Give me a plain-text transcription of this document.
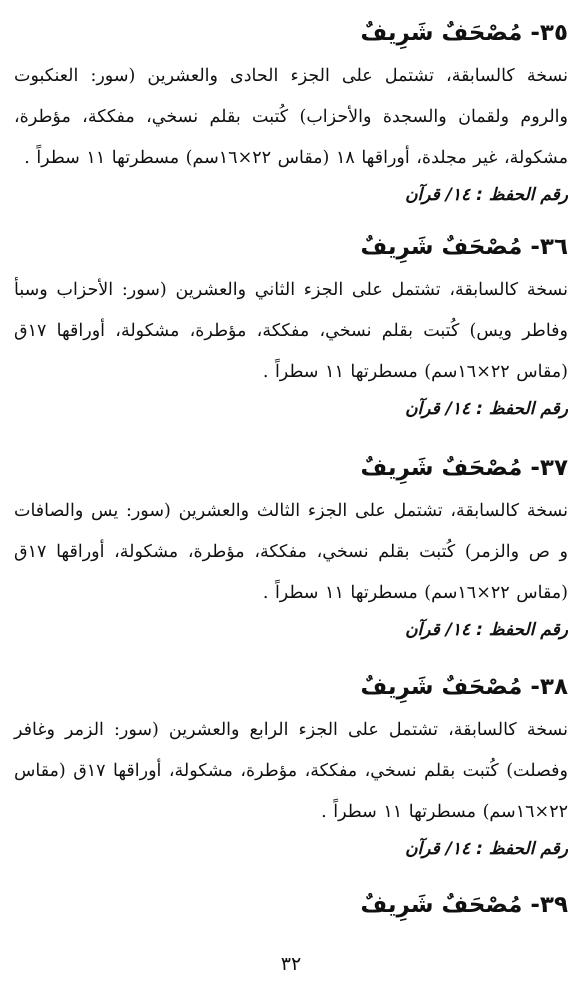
٣٥- مُصْحَفٌ شَرِيفٌ
نسخة كالسابقة، تشتمل على الجزء الحادى والعشرين (سور: العنكبوت والروم ولقمان والسجدة والأحزاب) كُتبت بقلم نسخي، مفككة، مؤطرة، مشكولة، غير مجلدة، أوراقها ١٨ (مقاس ٢٢×١٦سم) مسطرتها ١١ سطراً .
رقم الحفظ : ١٤/ قرآن
٣٦- مُصْحَفٌ شَرِيفٌ
نسخة كالسابقة، تشتمل على الجزء الثاني والعشرين (سور: الأحزاب وسبأ وفاطر ويس) كُتبت بقلم نسخي، مفككة، مؤطرة، مشكولة، أوراقها ١٧ق (مقاس ٢٢×١٦سم) مسطرتها ١١ سطراً .
رقم الحفظ : ١٤/ قرآن
٣٧- مُصْحَفٌ شَرِيفٌ
نسخة كالسابقة، تشتمل على الجزء الثالث والعشرين (سور: يس والصافات و ص والزمر) كُتبت بقلم نسخي، مفككة، مؤطرة، مشكولة، أوراقها ١٧ق (مقاس ٢٢×١٦سم) مسطرتها ١١ سطراً .
رقم الحفظ : ١٤/ قرآن
٣٨- مُصْحَفٌ شَرِيفٌ
نسخة كالسابقة، تشتمل على الجزء الرابع والعشرين (سور: الزمر وغافر وفصلت) كُتبت بقلم نسخي، مفككة، مؤطرة، مشكولة، أوراقها ١٧ق (مقاس ٢٢×١٦سم) مسطرتها ١١ سطراً .
رقم الحفظ : ١٤/ قرآن
٣٩- مُصْحَفٌ شَرِيفٌ
٣٢
